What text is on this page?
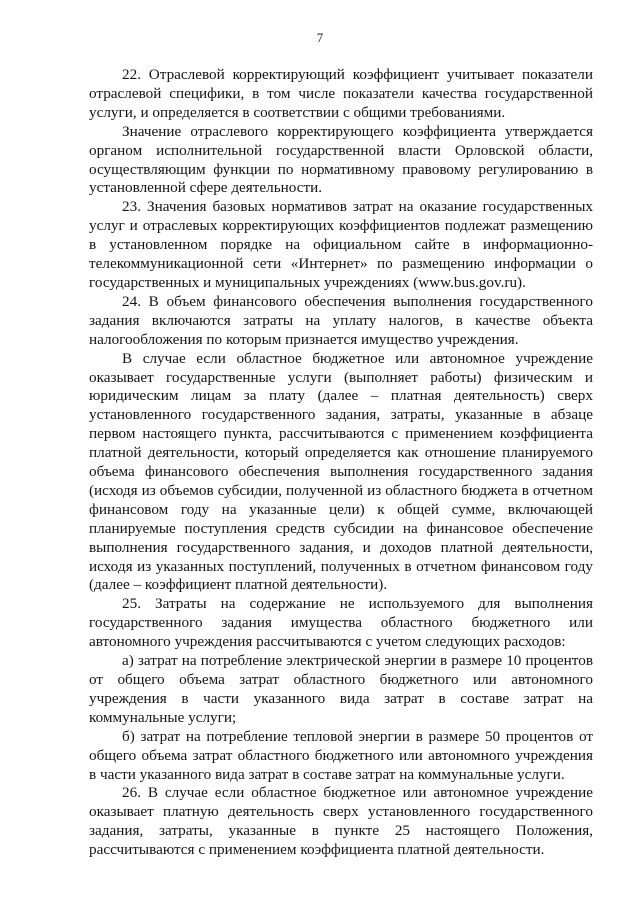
7

22. Отраслевой корректирующий коэффициент учитывает показатели отраслевой специфики, в том числе показатели качества государственной услуги, и определяется в соответствии с общими требованиями.

Значение отраслевого корректирующего коэффициента утверждается органом исполнительной государственной власти Орловской области, осуществляющим функции по нормативному правовому регулированию в установленной сфере деятельности.

23. Значения базовых нормативов затрат на оказание государственных услуг и отраслевых корректирующих коэффициентов подлежат размещению в установленном порядке на официальном сайте в информационно-телекоммуникационной сети «Интернет» по размещению информации о государственных и муниципальных учреждениях (www.bus.gov.ru).

24. В объем финансового обеспечения выполнения государственного задания включаются затраты на уплату налогов, в качестве объекта налогообложения по которым признается имущество учреждения.

В случае если областное бюджетное или автономное учреждение оказывает государственные услуги (выполняет работы) физическим и юридическим лицам за плату (далее – платная деятельность) сверх установленного государственного задания, затраты, указанные в абзаце первом настоящего пункта, рассчитываются с применением коэффициента платной деятельности, который определяется как отношение планируемого объема финансового обеспечения выполнения государственного задания (исходя из объемов субсидии, полученной из областного бюджета в отчетном финансовом году на указанные цели) к общей сумме, включающей планируемые поступления средств субсидии на финансовое обеспечение выполнения государственного задания, и доходов платной деятельности, исходя из указанных поступлений, полученных в отчетном финансовом году (далее – коэффициент платной деятельности).

25. Затраты на содержание не используемого для выполнения государственного задания имущества областного бюджетного или автономного учреждения рассчитываются с учетом следующих расходов:

а) затрат на потребление электрической энергии в размере 10 процентов от общего объема затрат областного бюджетного или автономного учреждения в части указанного вида затрат в составе затрат на коммунальные услуги;

б) затрат на потребление тепловой энергии в размере 50 процентов от общего объема затрат областного бюджетного или автономного учреждения в части указанного вида затрат в составе затрат на коммунальные услуги.

26. В случае если областное бюджетное или автономное учреждение оказывает платную деятельность сверх установленного государственного задания, затраты, указанные в пункте 25 настоящего Положения, рассчитываются с применением коэффициента платной деятельности.
